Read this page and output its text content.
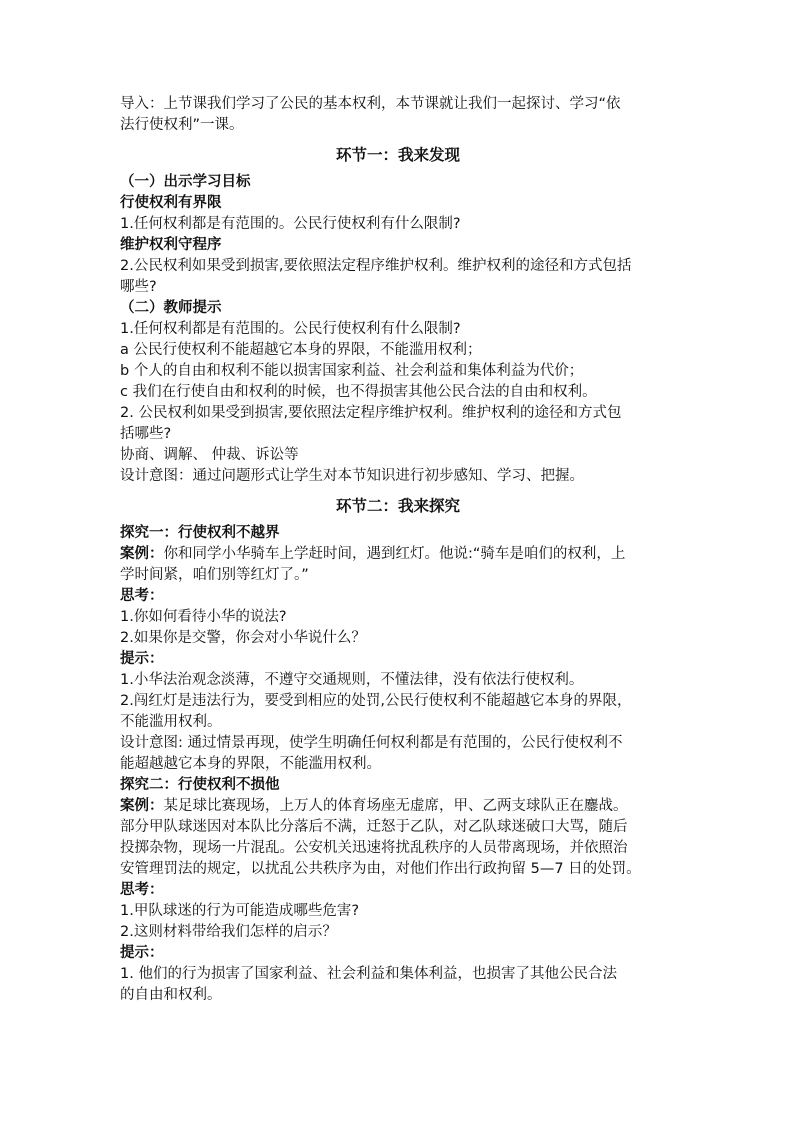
导入：上节课我们学习了公民的基本权利，本节课就让我们一起探讨、学习“依
法行使权利”一课。
环节一：我来发现
（一）出示学习目标
行使权利有界限
1.任何权利都是有范围的。公民行使权利有什么限制?
维护权利守程序
2.公民权利如果受到损害,要依照法定程序维护权利。维护权利的途径和方式包括
哪些?
（二）教师提示
1.任何权利都是有范围的。公民行使权利有什么限制?
a 公民行使权利不能超越它本身的界限，不能滥用权利；
b 个人的自由和权利不能以损害国家利益、社会利益和集体利益为代价；
c 我们在行使自由和权利的时候，也不得损害其他公民合法的自由和权利。
2. 公民权利如果受到损害,要依照法定程序维护权利。维护权利的途径和方式包
括哪些?
协商、调解、 仲裁、诉讼等
设计意图：通过问题形式让学生对本节知识进行初步感知、学习、把握。
环节二：我来探究
探究一：行使权利不越界
案例：你和同学小华骑车上学赶时间，遇到红灯。他说:“骑车是咱们的权利，上
学时间紧，咱们别等红灯了。”
思考：
1.你如何看待小华的说法?
2.如果你是交警，你会对小华说什么？
提示：
1.小华法治观念淡薄，不遵守交通规则，不懂法律，没有依法行使权利。
2.闯红灯是违法行为，要受到相应的处罚,公民行使权利不能超越它本身的界限，
不能滥用权利。
设计意图: 通过情景再现，使学生明确任何权利都是有范围的，公民行使权利不
能超越越它本身的界限，不能滥用权利。
探究二：行使权利不损他
案例：某足球比赛现场，上万人的体育场座无虚席，甲、乙两支球队正在鏖战。
部分甲队球迷因对本队比分落后不满，迁怒于乙队，对乙队球迷破口大骂，随后
投掷杂物，现场一片混乱。公安机关迅速将扰乱秩序的人员带离现场，并依照治
安管理罚法的规定，以扰乱公共秩序为由，对他们作出行政拘留 5—7 日的处罚。
思考：
1.甲队球迷的行为可能造成哪些危害?
2.这则材料带给我们怎样的启示？
提示：
1. 他们的行为损害了国家利益、社会利益和集体利益，也损害了其他公民合法
的自由和权利。
